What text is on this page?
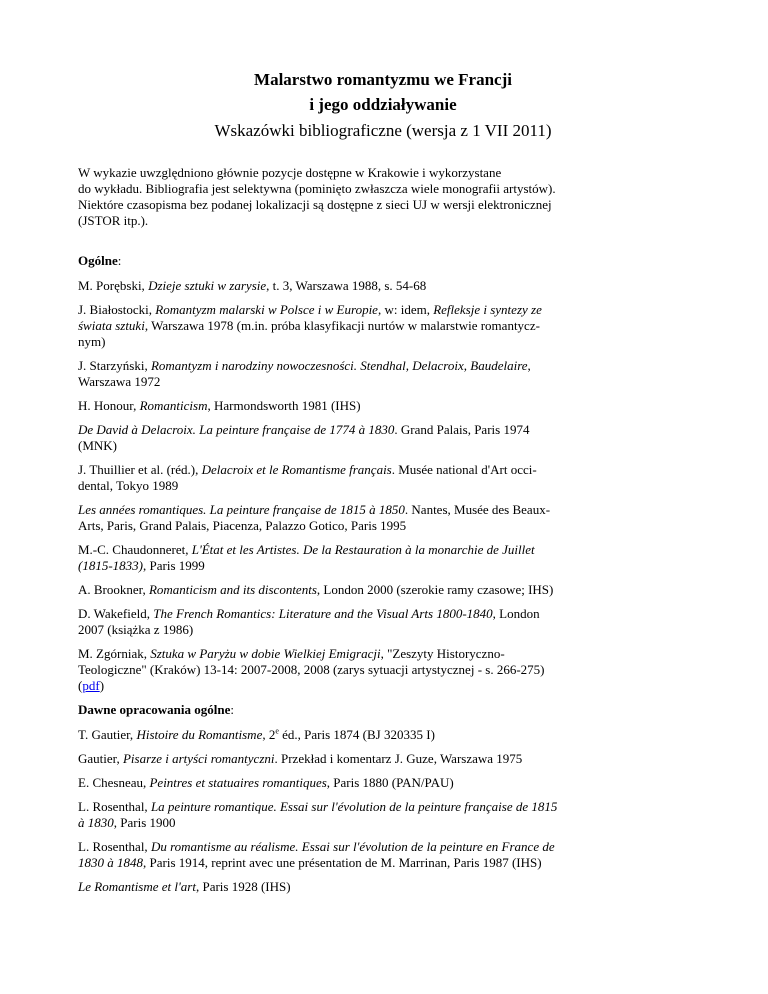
Malarstwo romantyzmu we Francji

i jego oddziaływanie

Wskazówki bibliograficzne (wersja z 1 VII 2011)

W wykazie uwzględniono głównie pozycje dostępne w Krakowie i wykorzystane
do wykładu. Bibliografia jest selektywna (pominięto zwłaszcza wiele monografii artystów).
Niektóre czasopisma bez podanej lokalizacji są dostępne z sieci UJ w wersji elektronicznej
(JSTOR itp.).

Ogólne:

M. Porębski, Dzieje sztuki w zarysie, t. 3, Warszawa 1988, s. 54-68

J. Białostocki, Romantyzm malarski w Polsce i w Europie, w: idem, Refleksje i syntezy ze
świata sztuki, Warszawa 1978 (m.in. próba klasyfikacji nurtów w malarstwie romantycz-
nym)

J. Starzyński, Romantyzm i narodziny nowoczesności. Stendhal, Delacroix, Baudelaire,
Warszawa 1972

H. Honour, Romanticism, Harmondsworth 1981 (IHS)

De David à Delacroix. La peinture française de 1774 à 1830. Grand Palais, Paris 1974
(MNK)

J. Thuillier et al. (réd.), Delacroix et le Romantisme français. Musée national d'Art occi-
dental, Tokyo 1989

Les années romantiques. La peinture française de 1815 à 1850. Nantes, Musée des Beaux-
Arts, Paris, Grand Palais, Piacenza, Palazzo Gotico, Paris 1995

M.-C. Chaudonneret, L'État et les Artistes. De la Restauration à la monarchie de Juillet
(1815-1833), Paris 1999

A. Brookner, Romanticism and its discontents, London 2000 (szerokie ramy czasowe; IHS)

D. Wakefield, The French Romantics: Literature and the Visual Arts 1800-1840, London
2007 (książka z 1986)

M. Zgórniak, Sztuka w Paryżu w dobie Wielkiej Emigracji, "Zeszyty Historyczno-
Teologiczne" (Kraków) 13-14: 2007-2008, 2008 (zarys sytuacji artystycznej - s. 266-275)
(pdf)

Dawne opracowania ogólne:

T. Gautier, Histoire du Romantisme, 2e éd., Paris 1874 (BJ 320335 I)

Gautier, Pisarze i artyści romantyczni. Przekład i komentarz J. Guze, Warszawa 1975

E. Chesneau, Peintres et statuaires romantiques, Paris 1880 (PAN/PAU)

L. Rosenthal, La peinture romantique. Essai sur l'évolution de la peinture française de 1815
à 1830, Paris 1900

L. Rosenthal, Du romantisme au réalisme. Essai sur l'évolution de la peinture en France de
1830 à 1848, Paris 1914, reprint avec une présentation de M. Marrinan, Paris 1987 (IHS)

Le Romantisme et l'art, Paris 1928 (IHS)
